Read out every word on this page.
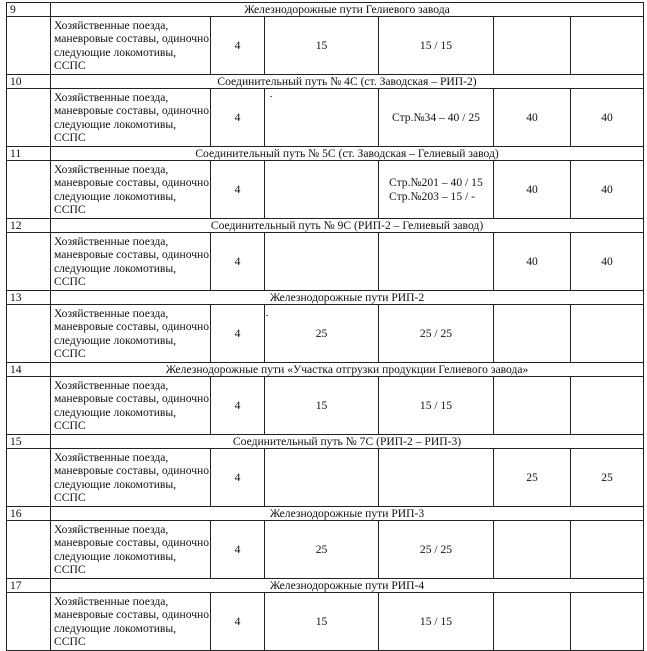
9	Железнодорожные пути Гелиевого завода					
	Хозяйственные поезда, маневровые составы, одиночно следующие локомотивы, ССПС	4	15	15 / 15		

10	Соединительный путь № 4С (ст. Заводская – РИП-2)					
	Хозяйственные поезда, маневровые составы, одиночно следующие локомотивы, ССПС	4		Стр.№34 – 40 / 25	40	40
11	Соединительный путь № 5С (ст. Заводская – Гелиевый завод)					
	Хозяйственные поезда, маневровые составы, одиночно следующие локомотивы, ССПС	4		Стр.№201 – 40 / 15
Стр.№203 – 15 / -	40	40
12	Соединительный путь № 9С (РИП-2 – Гелиевый завод)					
	Хозяйственные поезда, маневровые составы, одиночно следующие локомотивы, ССПС	4			40	40
13	Железнодорожные пути РИП-2					
	Хозяйственные поезда, маневровые составы, одиночно следующие локомотивы, ССПС	4	25	25 / 25		

14	Железнодорожные пути «Участка отгрузки продукции Гелиевого завода»					
	Хозяйственные поезда, маневровые составы, одиночно следующие локомотивы, ССПС	4	15	15 / 15		

15	Соединительный путь № 7С (РИП-2 – РИП-3)					
	Хозяйственные поезда, маневровые составы, одиночно следующие локомотивы, ССПС	4			25	25
16	Железнодорожные пути РИП-3					
	Хозяйственные поезда, маневровые составы, одиночно следующие локомотивы, ССПС	4	25	25 / 25		

17	Железнодорожные пути РИП-4					
	Хозяйственные поезда, маневровые составы, одиночно следующие локомотивы, ССПС	4	15	15 / 15		
